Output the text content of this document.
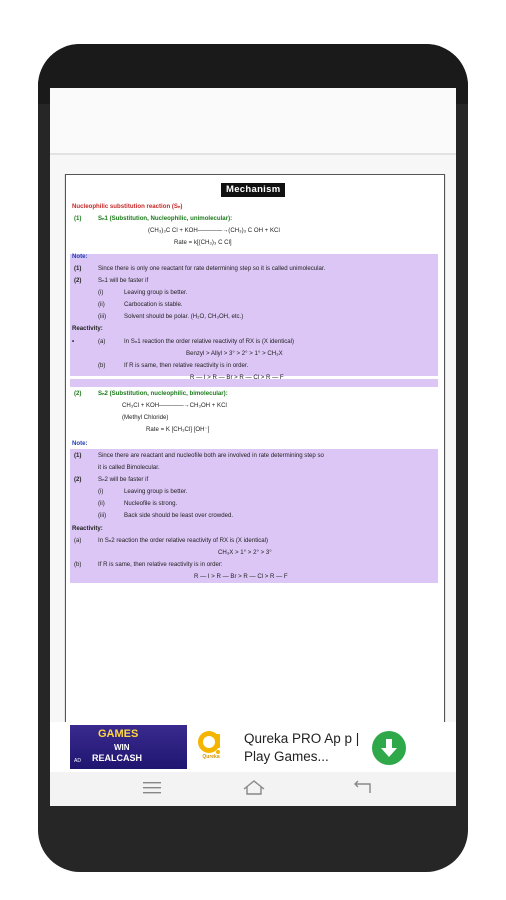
Mechanism
Nucleophilic substitution reaction (Sₙ)
(1)	Sₙ1 (Substitution, Nucleophilic, unimolecular):
(CH₃)₃C Cl + KOH————→(CH₃)₃ C OH + KCl
Rate = k[(CH₃)₃ C Cl]
Note:
(1)	Since there is only one reactant for rate determining step so it is called unimolecular.
(2)	Sₙ1 will be faster if
(i)	Leaving group is better.
(ii)	Carbocation is stable.
(iii)	Solvent should be polar. (H₂O, CH₃OH, etc.)
Reactivity:
•	(a)	In Sₙ1 reaction the order relative reactivity of RX is (X identical)
Benzyl > Allyl > 3° > 2° > 1° > CH₃X
(b)	If R is same, then relative reactivity is in order.
R — I > R — Br > R — Cl > R — F
(2)	Sₙ2 (Substitution, nucleophilic, bimolecular):
CH₃Cl + KOH————→CH₃OH + KCl
(Methyl Chloride)
Rate = K [CH₃Cl] [OH⁻]
Note:
(1)	Since there are reactant and nucleofile both are involved in rate determining step so
it is called Bimolecular.
(2)	Sₙ2 will be faster if
(i)	Leaving group is better.
(ii)	Nucleofile is strong.
(iii)	Back side should be least over crowded.
Reactivity:
(a)	In Sₙ2 reaction the order relative reactivity of RX is (X identical)
CH₃X > 1° > 2° > 3°
(b)	If R is same, then relative reactivity is in order:
R — I > R — Br > R — Cl > R — F
GAMES
WIN
REALCASH
AD
Qureka
Qureka PRO Ap p | Play Games...
